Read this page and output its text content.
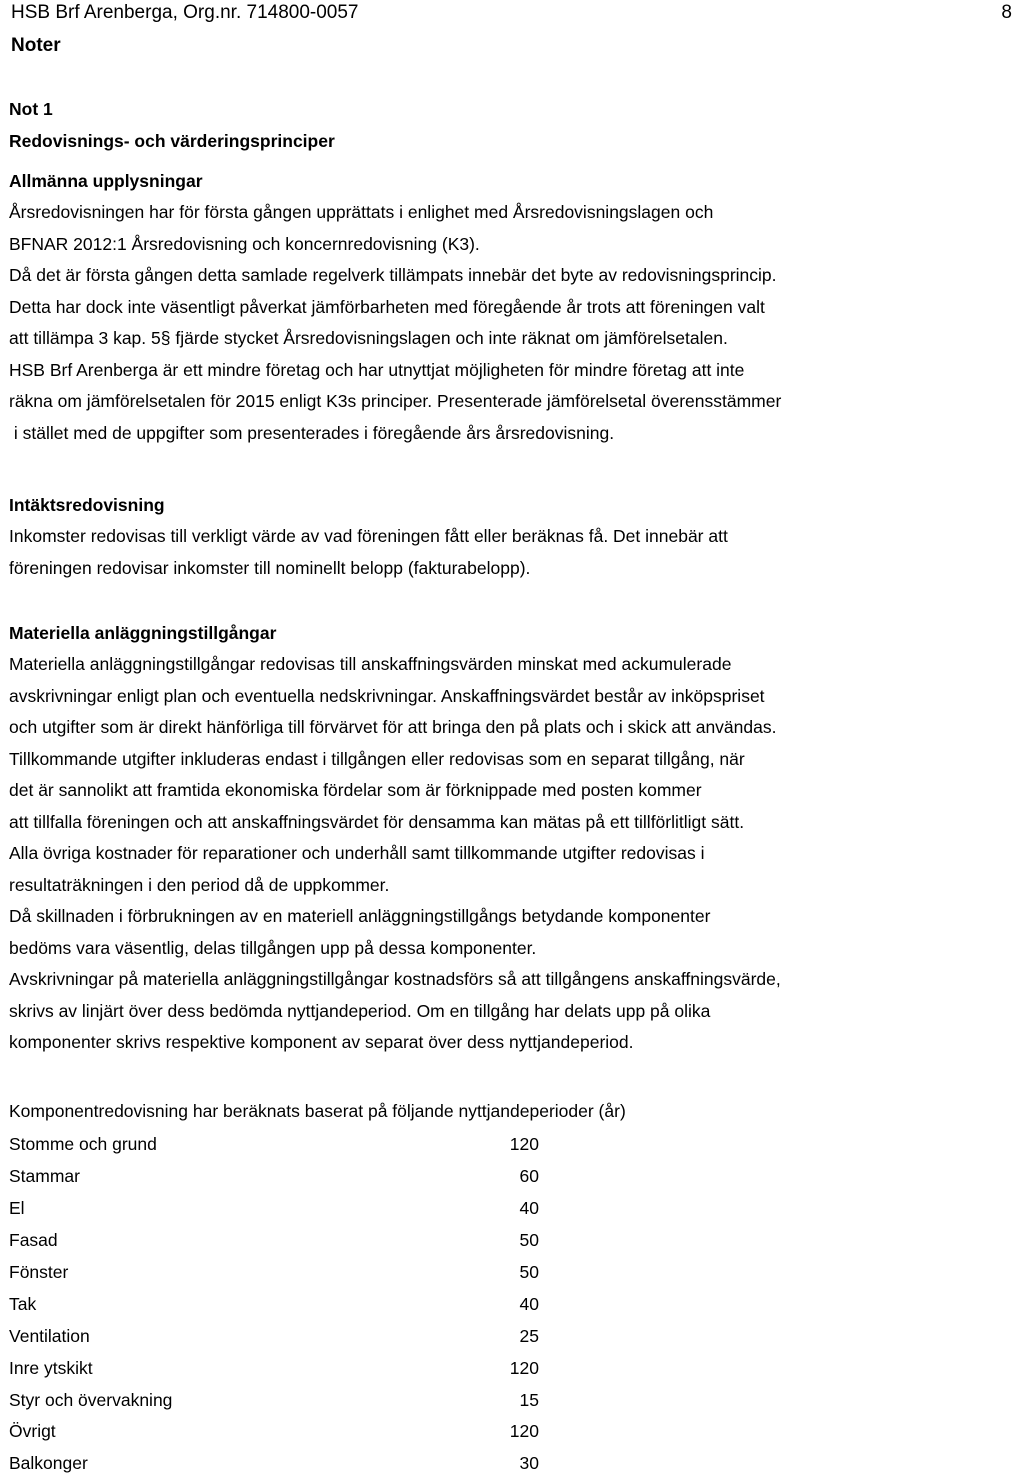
HSB Brf Arenberga, Org.nr. 714800-0057	8
Noter

Not 1

Redovisnings- och värderingsprinciper

Allmänna upplysningar

Årsredovisningen har för första gången upprättats i enlighet med Årsredovisningslagen och

BFNAR 2012:1 Årsredovisning och koncernredovisning (K3).

Då det är första gången detta samlade regelverk tillämpats innebär det byte av redovisningsprincip.

Detta har dock inte väsentligt påverkat jämförbarheten med föregående år trots att föreningen valt

att tillämpa 3 kap. 5§ fjärde stycket Årsredovisningslagen och inte räknat om jämförelsetalen.

HSB Brf Arenberga är ett mindre företag och har utnyttjat möjligheten för mindre företag att inte

räkna om jämförelsetalen för 2015 enligt K3s principer. Presenterade jämförelsetal överensstämmer

i stället med de uppgifter som presenterades i föregående års årsredovisning.

Intäktsredovisning

Inkomster redovisas till verkligt värde av vad föreningen fått eller beräknas få. Det innebär att

föreningen redovisar inkomster till nominellt belopp (fakturabelopp).

Materiella anläggningstillgångar

Materiella anläggningstillgångar redovisas till anskaffningsvärden minskat med ackumulerade

avskrivningar enligt plan och eventuella nedskrivningar. Anskaffningsvärdet består av inköpspriset

och utgifter som är direkt hänförliga till förvärvet för att bringa den på plats och i skick att användas.

Tillkommande utgifter inkluderas endast i tillgången eller redovisas som en separat tillgång, när

det är sannolikt att framtida ekonomiska fördelar som är förknippade med posten kommer

att tillfalla föreningen och att anskaffningsvärdet för densamma kan mätas på ett tillförlitligt sätt.

Alla övriga kostnader för reparationer och underhåll samt tillkommande utgifter redovisas i

resultaträkningen i den period då de uppkommer.

Då skillnaden i förbrukningen av en materiell anläggningstillgångs betydande komponenter

bedöms vara väsentlig, delas tillgången upp på dessa komponenter.

Avskrivningar på materiella anläggningstillgångar kostnadsförs så att tillgångens anskaffningsvärde,

skrivs av linjärt över dess bedömda nyttjandeperiod. Om en tillgång har delats upp på olika

komponenter skrivs respektive komponent av separat över dess nyttjandeperiod.

Komponentredovisning har beräknats baserat på följande nyttjandeperioder (år)

Stomme och grund	120
Stammar	60
El	40
Fasad	50
Fönster	50
Tak	40
Ventilation	25
Inre ytskikt	120
Styr och övervakning	15
Övrigt	120
Balkonger	30
